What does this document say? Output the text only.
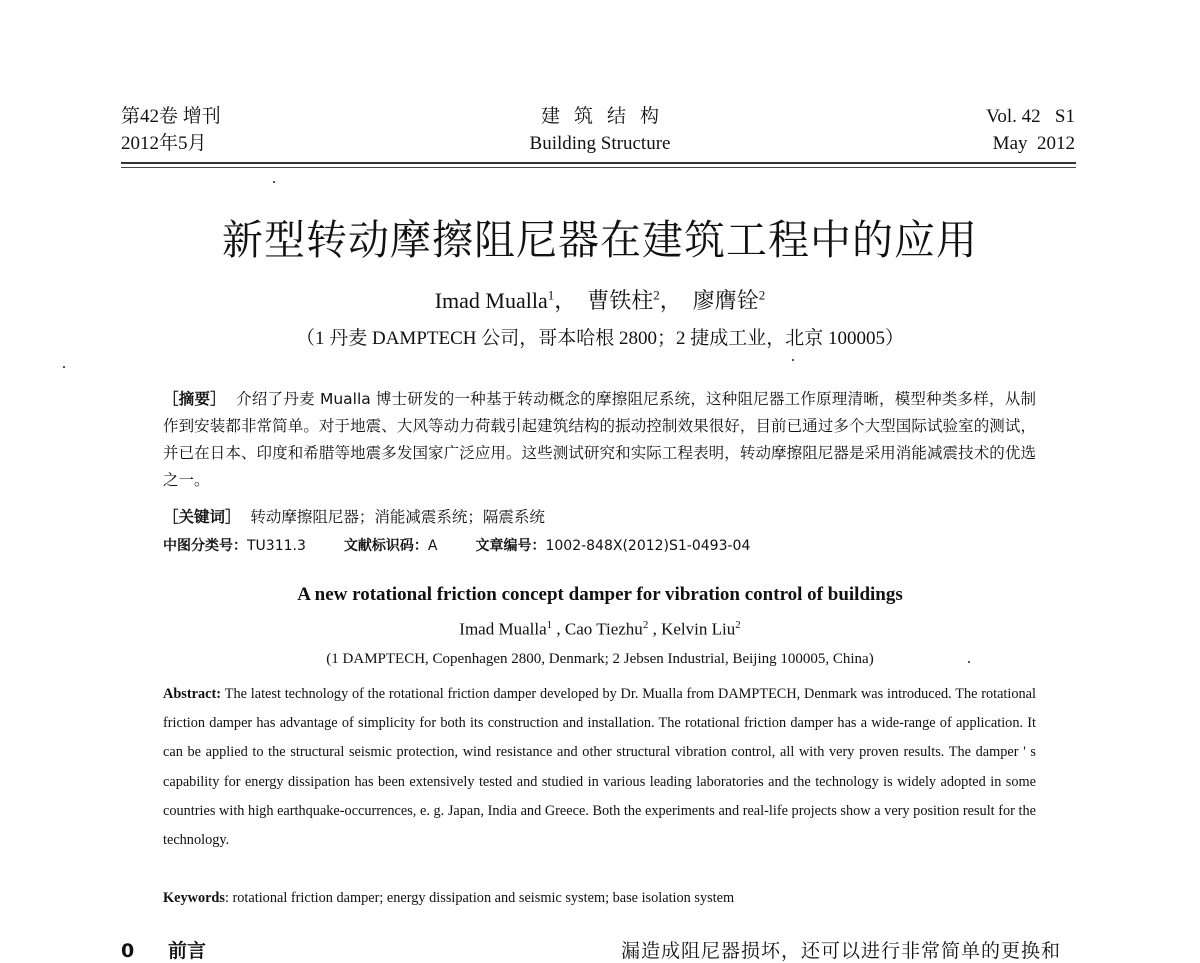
第42卷 增刊
2012年5月
建筑结构
Building Structure
Vol. 42   S1
May  2012
新型转动摩擦阻尼器在建筑工程中的应用
Imad Mualla$^1$，  曹铁柱$^2$，  廖膺铨$^2$
（1 丹麦 DAMPTECH 公司，哥本哈根 2800；2 捷成工业，北京 100005）
［摘要］ 介绍了丹麦 Mualla 博士研发的一种基于转动概念的摩擦阻尼系统，这种阻尼器工作原理清晰，模型种类多样，从制作到安装都非常简单。对于地震、大风等动力荷载引起建筑结构的振动控制效果很好，目前已通过多个大型国际试验室的测试，并已在日本、印度和希腊等地震多发国家广泛应用。这些测试研究和实际工程表明，转动摩擦阻尼器是采用消能减震技术的优选之一。
［关键词］ 转动摩擦阻尼器；消能减震系统；隔震系统
中图分类号：TU311.3	文献标识码：A	文章编号：1002-848X(2012)S1-0493-04
A new rotational friction concept damper for vibration control of buildings
Imad Mualla$^1$ , Cao Tiezhu$^2$ , Kelvin Liu$^2$
(1 DAMPTECH, Copenhagen 2800, Denmark; 2 Jebsen Industrial, Beijing 100005, China)
Abstract: The latest technology of the rotational friction damper developed by Dr. Mualla from DAMPTECH, Denmark was introduced. The rotational friction damper has advantage of simplicity for both its construction and installation. The rotational friction damper has a wide-range of application. It can be applied to the structural seismic protection, wind resistance and other structural vibration control, all with very proven results. The damper ' s capability for energy dissipation has been extensively tested and studied in various leading laboratories and the technology is widely adopted in some countries with high earthquake-occurrences, e. g. Japan, India and Greece. Both the experiments and real-life projects show a very position result for the technology.
Keywords: rotational friction damper; energy dissipation and seismic system; base isolation system
0 前言	漏造成阻尼器损坏，还可以进行非常简单的更换和
